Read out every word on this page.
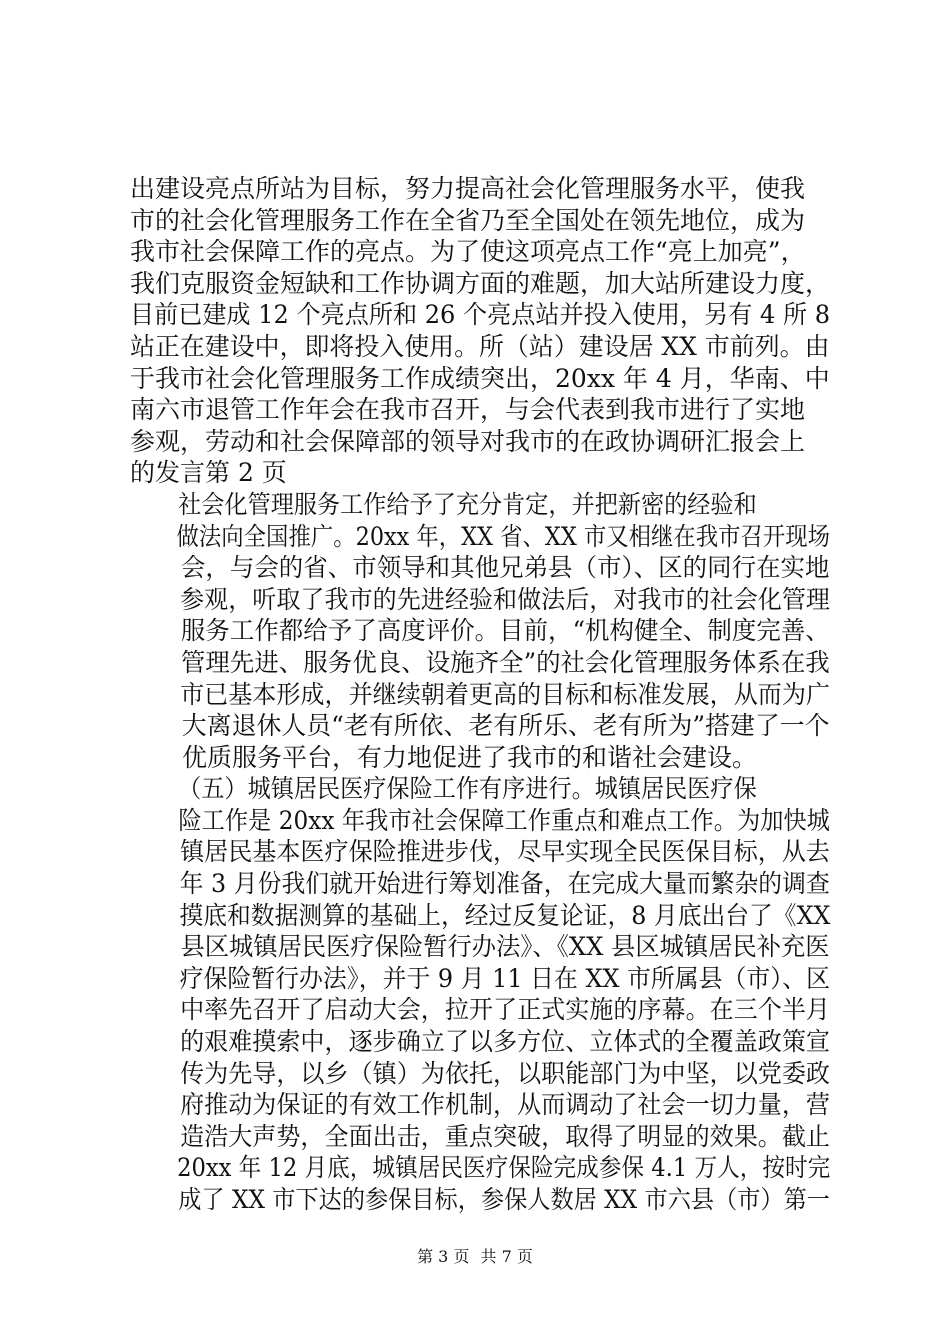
出建设亮点所站为目标，努力提高社会化管理服务水平，使我
市的社会化管理服务工作在全省乃至全国处在领先地位，成为
我市社会保障工作的亮点。为了使这项亮点工作“亮上加亮”，
我们克服资金短缺和工作协调方面的难题，加大站所建设力度，
目前已建成 12 个亮点所和 26 个亮点站并投入使用，另有 4 所 8
站正在建设中，即将投入使用。所（站）建设居 XX 市前列。由
于我市社会化管理服务工作成绩突出，20xx 年 4 月，华南、中
南六市退管工作年会在我市召开，与会代表到我市进行了实地
参观，劳动和社会保障部的领导对我市的在政协调研汇报会上
的发言第 2 页
社会化管理服务工作给予了充分肯定，并把新密的经验和
做法向全国推广。20xx 年，XX 省、XX 市又相继在我市召开现场
会，与会的省、市领导和其他兄弟县（市）、区的同行在实地
参观，听取了我市的先进经验和做法后，对我市的社会化管理
服务工作都给予了高度评价。目前，“机构健全、制度完善、
管理先进、服务优良、设施齐全”的社会化管理服务体系在我
市已基本形成，并继续朝着更高的目标和标准发展，从而为广
大离退休人员“老有所依、老有所乐、老有所为”搭建了一个
优质服务平台，有力地促进了我市的和谐社会建设。
（五）城镇居民医疗保险工作有序进行。城镇居民医疗保
险工作是 20xx 年我市社会保障工作重点和难点工作。为加快城
镇居民基本医疗保险推进步伐，尽早实现全民医保目标，从去
年 3 月份我们就开始进行筹划准备，在完成大量而繁杂的调查
摸底和数据测算的基础上，经过反复论证，8 月底出台了《XX
县区城镇居民医疗保险暂行办法》、《XX 县区城镇居民补充医
疗保险暂行办法》，并于 9 月 11 日在 XX 市所属县（市）、区
中率先召开了启动大会，拉开了正式实施的序幕。在三个半月
的艰难摸索中，逐步确立了以多方位、立体式的全覆盖政策宣
传为先导，以乡（镇）为依托，以职能部门为中坚，以党委政
府推动为保证的有效工作机制，从而调动了社会一切力量，营
造浩大声势，全面出击，重点突破，取得了明显的效果。截止
20xx 年 12 月底，城镇居民医疗保险完成参保 4.1 万人，按时完
成了 XX 市下达的参保目标，参保人数居 XX 市六县（市）第一
第 3 页 共 7 页
